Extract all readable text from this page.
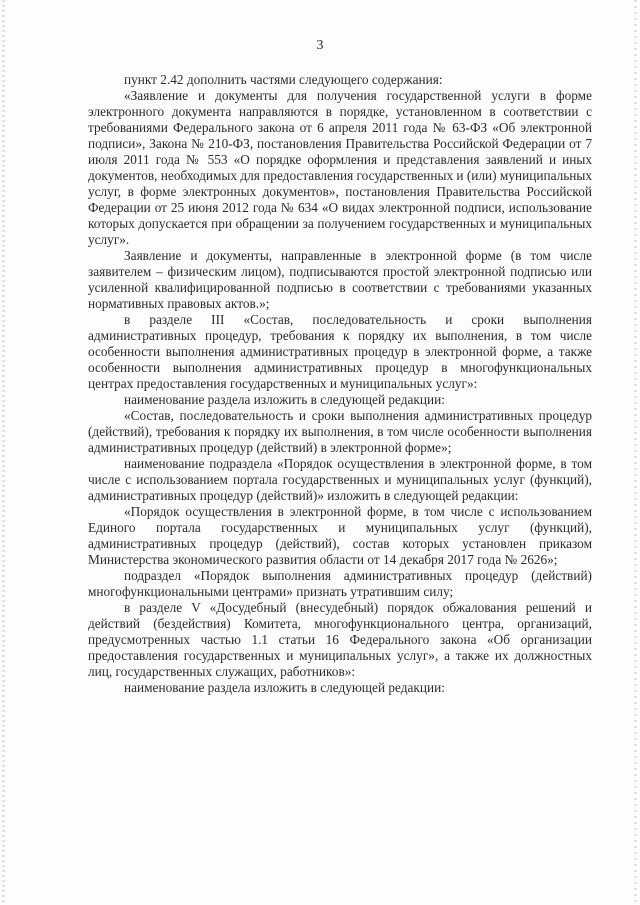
3

пункт 2.42 дополнить частями следующего содержания:

«Заявление и документы для получения государственной услуги в форме электронного документа направляются в порядке, установленном в соответствии с требованиями Федерального закона от 6 апреля 2011 года № 63-ФЗ «Об электронной подписи», Закона № 210-ФЗ, постановления Правительства Российской Федерации от 7 июля 2011 года № 553 «О порядке оформления и представления заявлений и иных документов, необходимых для предоставления государственных и (или) муниципальных услуг, в форме электронных документов», постановления Правительства Российской Федерации от 25 июня 2012 года № 634 «О видах электронной подписи, использование которых допускается при обращении за получением государственных и муниципальных услуг».

Заявление и документы, направленные в электронной форме (в том числе заявителем – физическим лицом), подписываются простой электронной подписью или усиленной квалифицированной подписью в соответствии с требованиями указанных нормативных правовых актов.»;

в разделе III «Состав, последовательность и сроки выполнения административных процедур, требования к порядку их выполнения, в том числе особенности выполнения административных процедур в электронной форме, а также особенности выполнения административных процедур в многофункциональных центрах предоставления государственных и муниципальных услуг»:

наименование раздела изложить в следующей редакции:

«Состав, последовательность и сроки выполнения административных процедур (действий), требования к порядку их выполнения, в том числе особенности выполнения административных процедур (действий) в электронной форме»;

наименование подраздела «Порядок осуществления в электронной форме, в том числе с использованием портала государственных и муниципальных услуг (функций), административных процедур (действий)» изложить в следующей редакции:

«Порядок осуществления в электронной форме, в том числе с использованием Единого портала государственных и муниципальных услуг (функций), административных процедур (действий), состав которых установлен приказом Министерства экономического развития области от 14 декабря 2017 года № 2626»;

подраздел «Порядок выполнения административных процедур (действий) многофункциональными центрами» признать утратившим силу;

в разделе V «Досудебный (внесудебный) порядок обжалования решений и действий (бездействия) Комитета, многофункционального центра, организаций, предусмотренных частью 1.1 статьи 16 Федерального закона «Об организации предоставления государственных и муниципальных услуг», а также их должностных лиц, государственных служащих, работников»:

наименование раздела изложить в следующей редакции:
